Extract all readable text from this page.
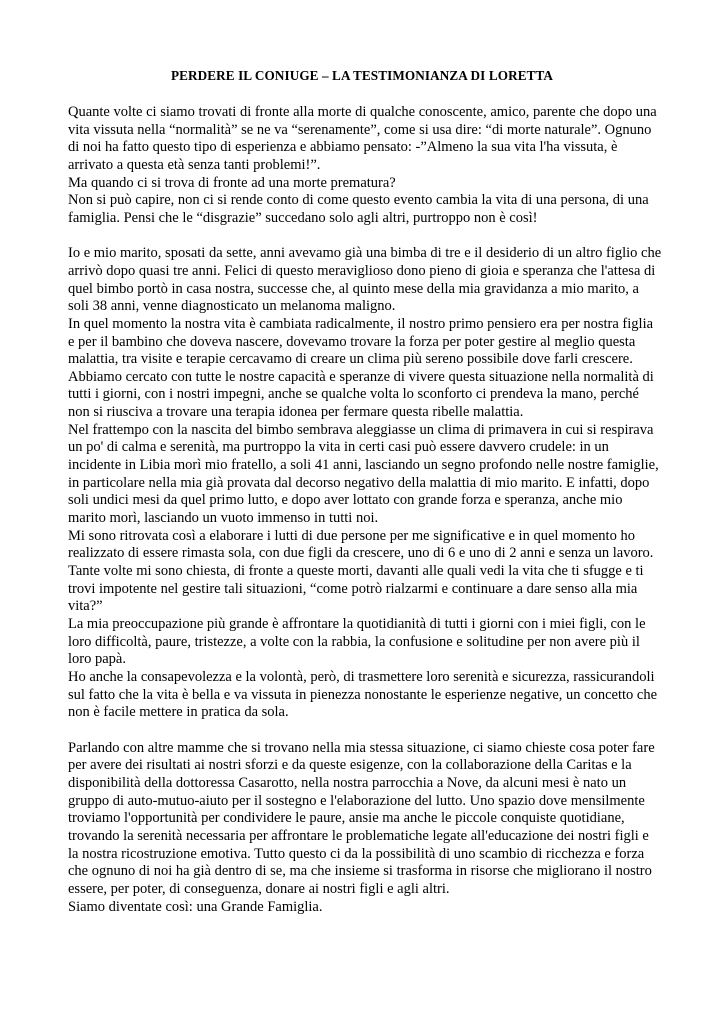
PERDERE IL CONIUGE – LA TESTIMONIANZA DI LORETTA

Quante volte ci siamo trovati di fronte alla morte di qualche conoscente, amico, parente che dopo una vita vissuta nella “normalità” se ne va “serenamente”, come si usa dire: “di morte naturale”. Ognuno di noi ha fatto questo tipo di esperienza e abbiamo pensato: -”Almeno la sua vita l'ha vissuta, è arrivato a questa età senza tanti problemi!”.

Ma quando ci si trova di fronte ad una morte prematura?

Non si può capire, non ci si rende conto di come questo evento cambia la vita di una persona, di una famiglia. Pensi che le “disgrazie” succedano solo agli altri, purtroppo non è così!

Io e mio marito, sposati da sette, anni avevamo già una bimba di tre e il desiderio di un altro figlio che arrivò dopo quasi tre anni. Felici di questo meraviglioso dono pieno di gioia e speranza che l'attesa di quel bimbo portò in casa nostra, successe che, al quinto mese della mia gravidanza a mio marito, a soli 38 anni, venne diagnosticato un melanoma maligno.

In quel momento la nostra vita è cambiata radicalmente, il nostro primo pensiero era per nostra figlia e per il bambino che doveva nascere, dovevamo trovare la forza per poter gestire al meglio questa malattia, tra visite e terapie cercavamo di creare un clima più sereno possibile dove farli crescere.

Abbiamo cercato con tutte le nostre capacità e speranze di vivere questa situazione nella normalità di tutti i giorni, con i nostri impegni, anche se qualche volta lo sconforto ci prendeva la mano, perché non si riusciva a trovare una terapia idonea per fermare questa ribelle malattia.

Nel frattempo con la nascita del bimbo sembrava aleggiasse un clima di primavera in cui si respirava un po' di calma e serenità, ma purtroppo la vita in certi casi può essere davvero crudele: in un incidente in Libia morì mio fratello, a soli 41 anni, lasciando un segno profondo nelle nostre famiglie, in particolare nella mia già provata dal decorso negativo della malattia di mio marito. E infatti, dopo soli undici mesi da quel primo lutto, e dopo aver lottato con grande forza e speranza, anche mio marito morì, lasciando un vuoto immenso in tutti noi.

Mi sono ritrovata così a elaborare i lutti di due persone per me significative e in quel momento ho realizzato di essere rimasta sola, con due figli da crescere, uno di 6 e uno di 2 anni e senza un lavoro.

Tante volte mi sono chiesta, di fronte a queste morti, davanti alle quali vedi la vita che ti sfugge e ti trovi impotente nel gestire tali situazioni, “come potrò rialzarmi e continuare a dare senso alla mia vita?”

La mia preoccupazione più grande è affrontare la quotidianità di tutti i giorni con i miei figli, con le loro difficoltà, paure, tristezze, a volte con la rabbia, la confusione e solitudine per non avere più il loro papà.

Ho anche la consapevolezza e la volontà, però, di trasmettere loro serenità e sicurezza, rassicurandoli sul fatto che la vita è bella e va vissuta in pienezza nonostante le esperienze negative, un concetto che non è facile mettere in pratica da sola.

Parlando con altre mamme che si trovano nella mia stessa situazione, ci siamo chieste cosa poter fare per avere dei risultati ai nostri sforzi e da queste esigenze, con la collaborazione della Caritas e la disponibilità della dottoressa Casarotto, nella nostra parrocchia a Nove, da alcuni mesi è nato un gruppo di auto-mutuo-aiuto per il sostegno e l'elaborazione del lutto. Uno spazio dove mensilmente troviamo l'opportunità per condividere le paure, ansie ma anche le piccole conquiste quotidiane, trovando la serenità necessaria per affrontare le problematiche legate all'educazione dei nostri figli e la nostra ricostruzione emotiva. Tutto questo ci da la possibilità di uno scambio di ricchezza e forza che ognuno di noi ha già dentro di se, ma che insieme si trasforma in risorse che migliorano il nostro essere, per poter, di conseguenza, donare ai nostri figli e agli altri.

Siamo diventate così: una Grande Famiglia.
